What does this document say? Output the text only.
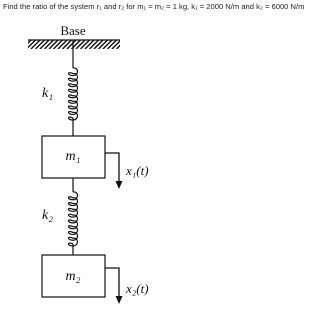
Find the ratio of the system r₁ and r₂ for m₁ = m₂ = 1 kg, k₁ = 2000 N/m and k₂ = 6000 N/m
Base
k₁
m₁
x₁(t)
k₂
m₂
x₂(t)
